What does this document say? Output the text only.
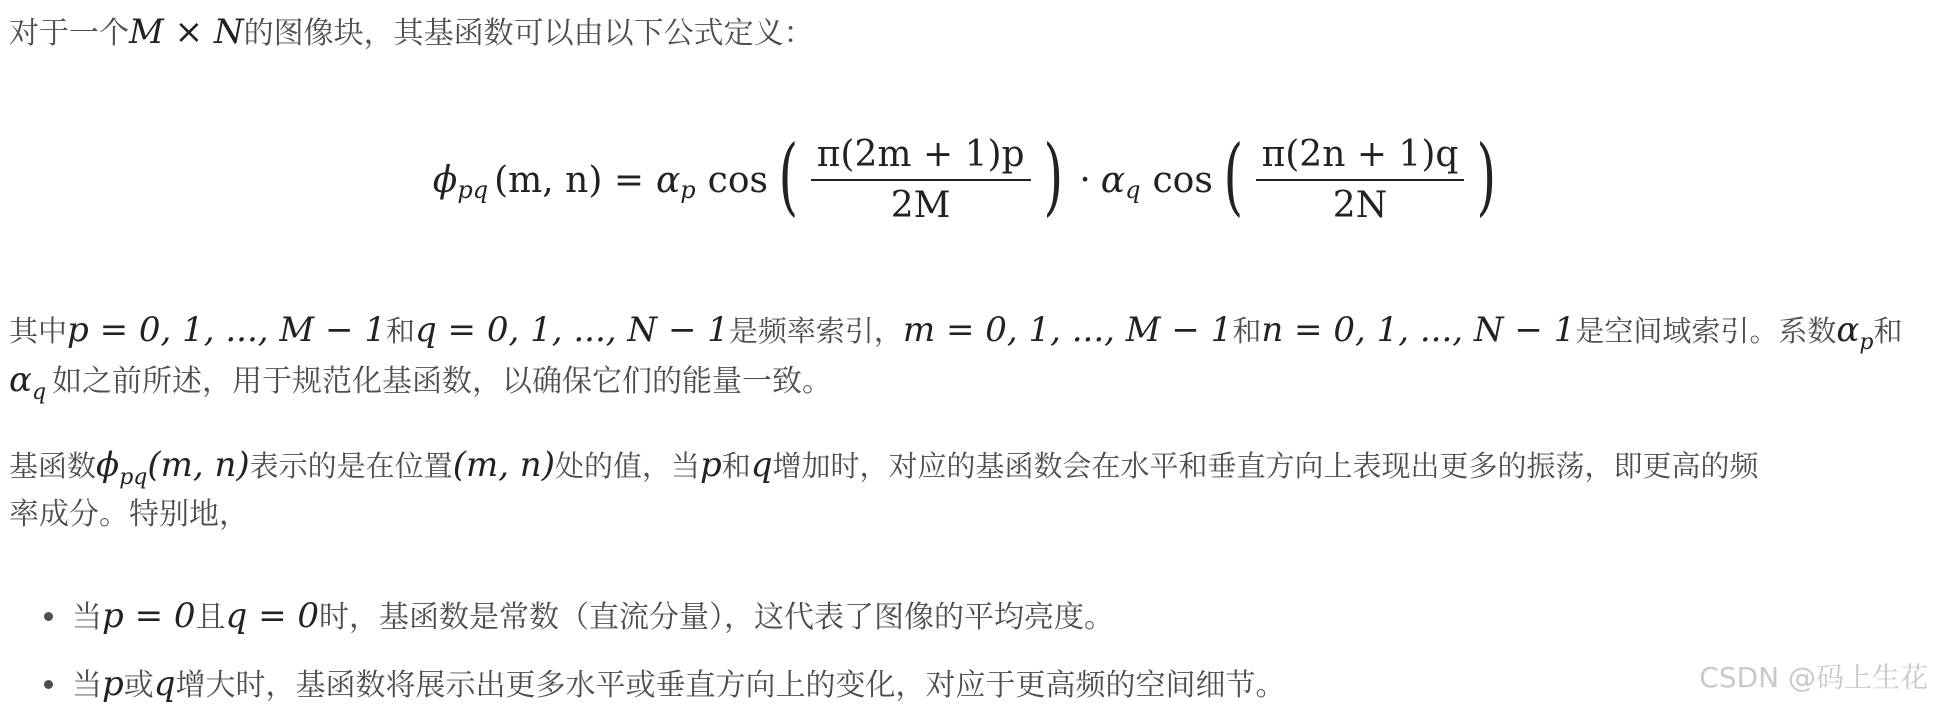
对于一个M × N的图像块，其基函数可以由以下公式定义：
ϕ pq (m, n) = α p cos ( $\frac{\pi(2m + 1)p}{2M}$ ) · α q cos ( $\frac{\pi(2n + 1)q}{2N}$ )
其中p = 0, 1, ..., M − 1和q = 0, 1, ..., N − 1是频率索引，m = 0, 1, ..., M − 1和n = 0, 1, ..., N − 1是空间域索引。系数$\alpha_p$和
$\alpha_q$ 如之前所述，用于规范化基函数，以确保它们的能量一致。
基函数$\phi_{pq}(m$, n)表示的是在位置(m, n)处的值，当p和q增加时，对应的基函数会在水平和垂直方向上表现出更多的振荡，即更高的频
率成分。特别地，
当p = 0且q = 0时，基函数是常数（直流分量），这代表了图像的平均亮度。
当p或q增大时，基函数将展示出更多水平或垂直方向上的变化，对应于更高频的空间细节。	CSDN @码上生花
